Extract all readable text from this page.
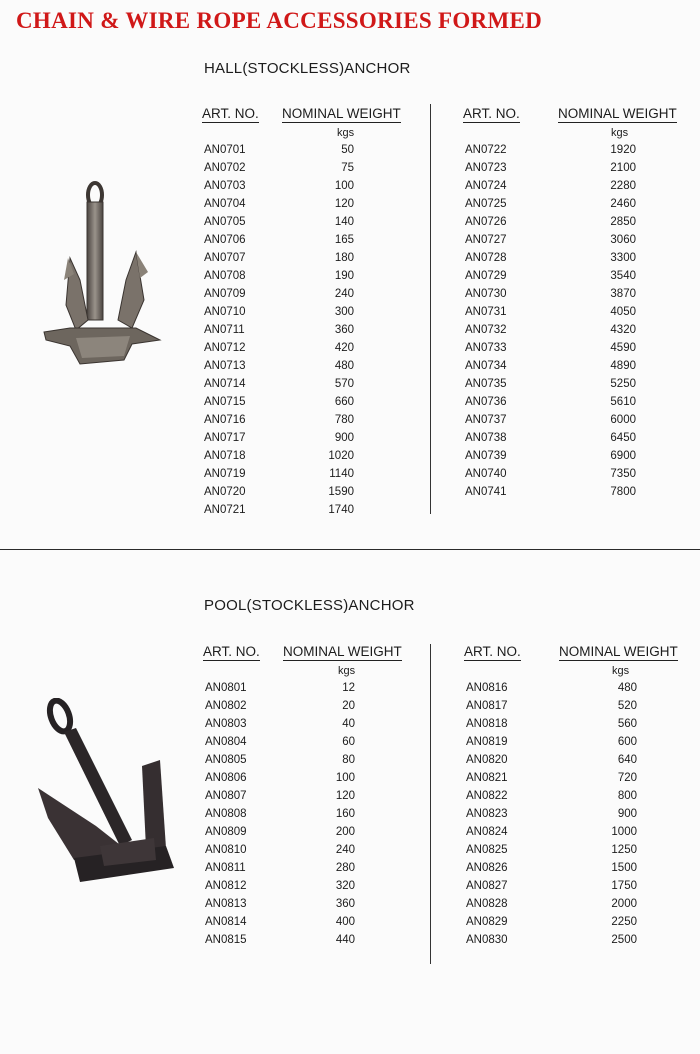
CHAIN & WIRE ROPE ACCESSORIES FORMED
HALL(STOCKLESS)ANCHOR
ART. NO. NOMINAL WEIGHT
kgs
AN0701	50
AN0702	75
AN0703	100
AN0704	120
AN0705	140
AN0706	165
AN0707	180
AN0708	190
AN0709	240
AN0710	300
AN0711	360
AN0712	420
AN0713	480
AN0714	570
AN0715	660
AN0716	780
AN0717	900
AN0718	1020
AN0719	1140
AN0720	1590
AN0721	1740
ART. NO.	NOMINAL WEIGHT
kgs
AN0722	1920
AN0723	2100
AN0724	2280
AN0725	2460
AN0726	2850
AN0727	3060
AN0728	3300
AN0729	3540
AN0730	3870
AN0731	4050
AN0732	4320
AN0733	4590
AN0734	4890
AN0735	5250
AN0736	5610
AN0737	6000
AN0738	6450
AN0739	6900
AN0740	7350
AN0741	7800
POOL(STOCKLESS)ANCHOR
ART. NO. NOMINAL WEIGHT
kgs
AN0801	12
AN0802	20
AN0803	40
AN0804	60
AN0805	80
AN0806	100
AN0807	120
AN0808	160
AN0809	200
AN0810	240
AN0811	280
AN0812	320
AN0813	360
AN0814	400
AN0815	440
ART. NO.	NOMINAL WEIGHT
kgs
AN0816	480
AN0817	520
AN0818	560
AN0819	600
AN0820	640
AN0821	720
AN0822	800
AN0823	900
AN0824	1000
AN0825	1250
AN0826	1500
AN0827	1750
AN0828	2000
AN0829	2250
AN0830	2500
